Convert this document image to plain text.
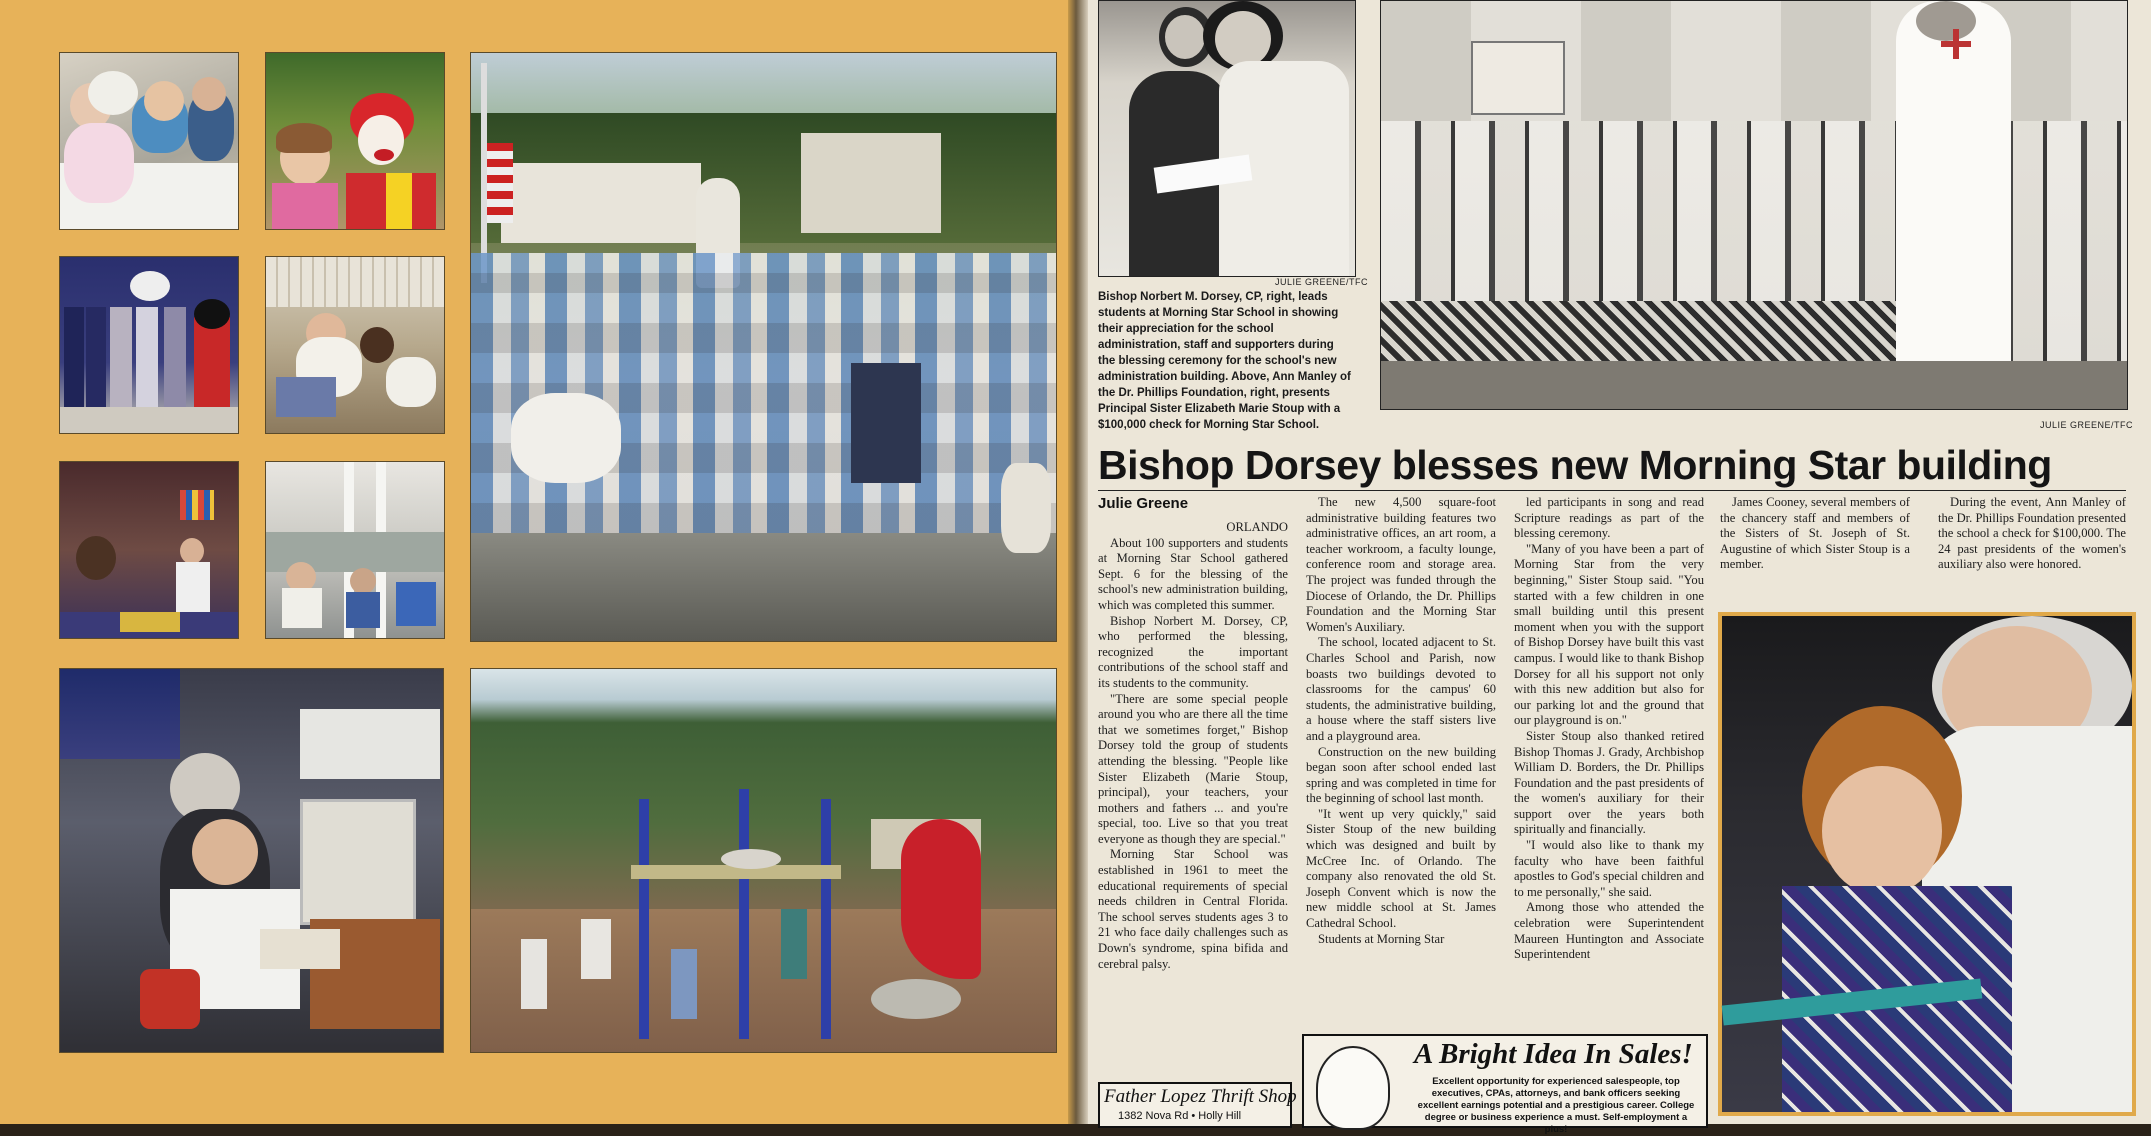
JULIE GREENE/TFC
Bishop Norbert M. Dorsey, CP, right, leads students at Morning Star School in showing their appreciation for the school administration, staff and supporters during the blessing ceremony for the school's new administration building. Above, Ann Manley of the Dr. Phillips Foundation, right, presents Principal Sister Elizabeth Marie Stoup with a $100,000 check for Morning Star School.	JULIE GREENE/TFC
Bishop Dorsey blesses new Morning Star building
Julie Greene

ORLANDO

About 100 supporters and students at Morning Star School gathered Sept. 6 for the blessing of the school's new administration building, which was completed this summer.

Bishop Norbert M. Dorsey, CP, who performed the blessing, recognized the important contributions of the school staff and its students to the community.

"There are some special people around you who are there all the time that we sometimes forget," Bishop Dorsey told the group of students attending the blessing. "People like Sister Elizabeth (Marie Stoup, principal), your teachers, your mothers and fathers ... and you're special, too. Live so that you treat everyone as though they are special."

Morning Star School was established in 1961 to meet the educational requirements of special needs children in Central Florida. The school serves students ages 3 to 21 who face daily challenges such as Down's syndrome, spina bifida and cerebral palsy.

The new 4,500 square-foot administrative building features two administrative offices, an art room, a teacher workroom, a faculty lounge, conference room and storage area. The project was funded through the Diocese of Orlando, the Dr. Phillips Foundation and the Morning Star Women's Auxiliary.

The school, located adjacent to St. Charles School and Parish, now boasts two buildings devoted to classrooms for the campus' 60 students, the administrative building, a house where the staff sisters live and a playground area.

Construction on the new building began soon after school ended last spring and was completed in time for the beginning of school last month.

"It went up very quickly," said Sister Stoup of the new building which was designed and built by McCree Inc. of Orlando. The company also renovated the old St. Joseph Convent which is now the new middle school at St. James Cathedral School.

Students at Morning Star

led participants in song and read Scripture readings as part of the blessing ceremony.

"Many of you have been a part of Morning Star from the very beginning," Sister Stoup said. "You started with a few children in one small building until this present moment when you with the support of Bishop Dorsey have built this vast campus. I would like to thank Bishop Dorsey for all his support not only with this new addition but also for our parking lot and the ground that our playground is on."

Sister Stoup also thanked retired Bishop Thomas J. Grady, Archbishop William D. Borders, the Dr. Phillips Foundation and the past presidents of the women's auxiliary for their support over the years both spiritually and financially.

"I would also like to thank my faculty who have been faithful apostles to God's special children and to me personally," she said.

Among those who attended the celebration were Superintendent Maureen Huntington and Associate Superintendent

James Cooney, several members of the chancery staff and members of the Sisters of St. Joseph of St. Augustine of which Sister Stoup is a member.

During the event, Ann Manley of the Dr. Phillips Foundation presented the school a check for $100,000. The 24 past presidents of the women's auxiliary also were honored.

A Bright Idea In Sales!
Excellent opportunity for experienced salespeople, top executives, CPAs, attorneys, and bank officers seeking excellent earnings potential and a prestigious career. College degree or business experience a must. Self-employment a plus!
Father Lopez Thrift Shop
1382 Nova Rd • Holly Hill
